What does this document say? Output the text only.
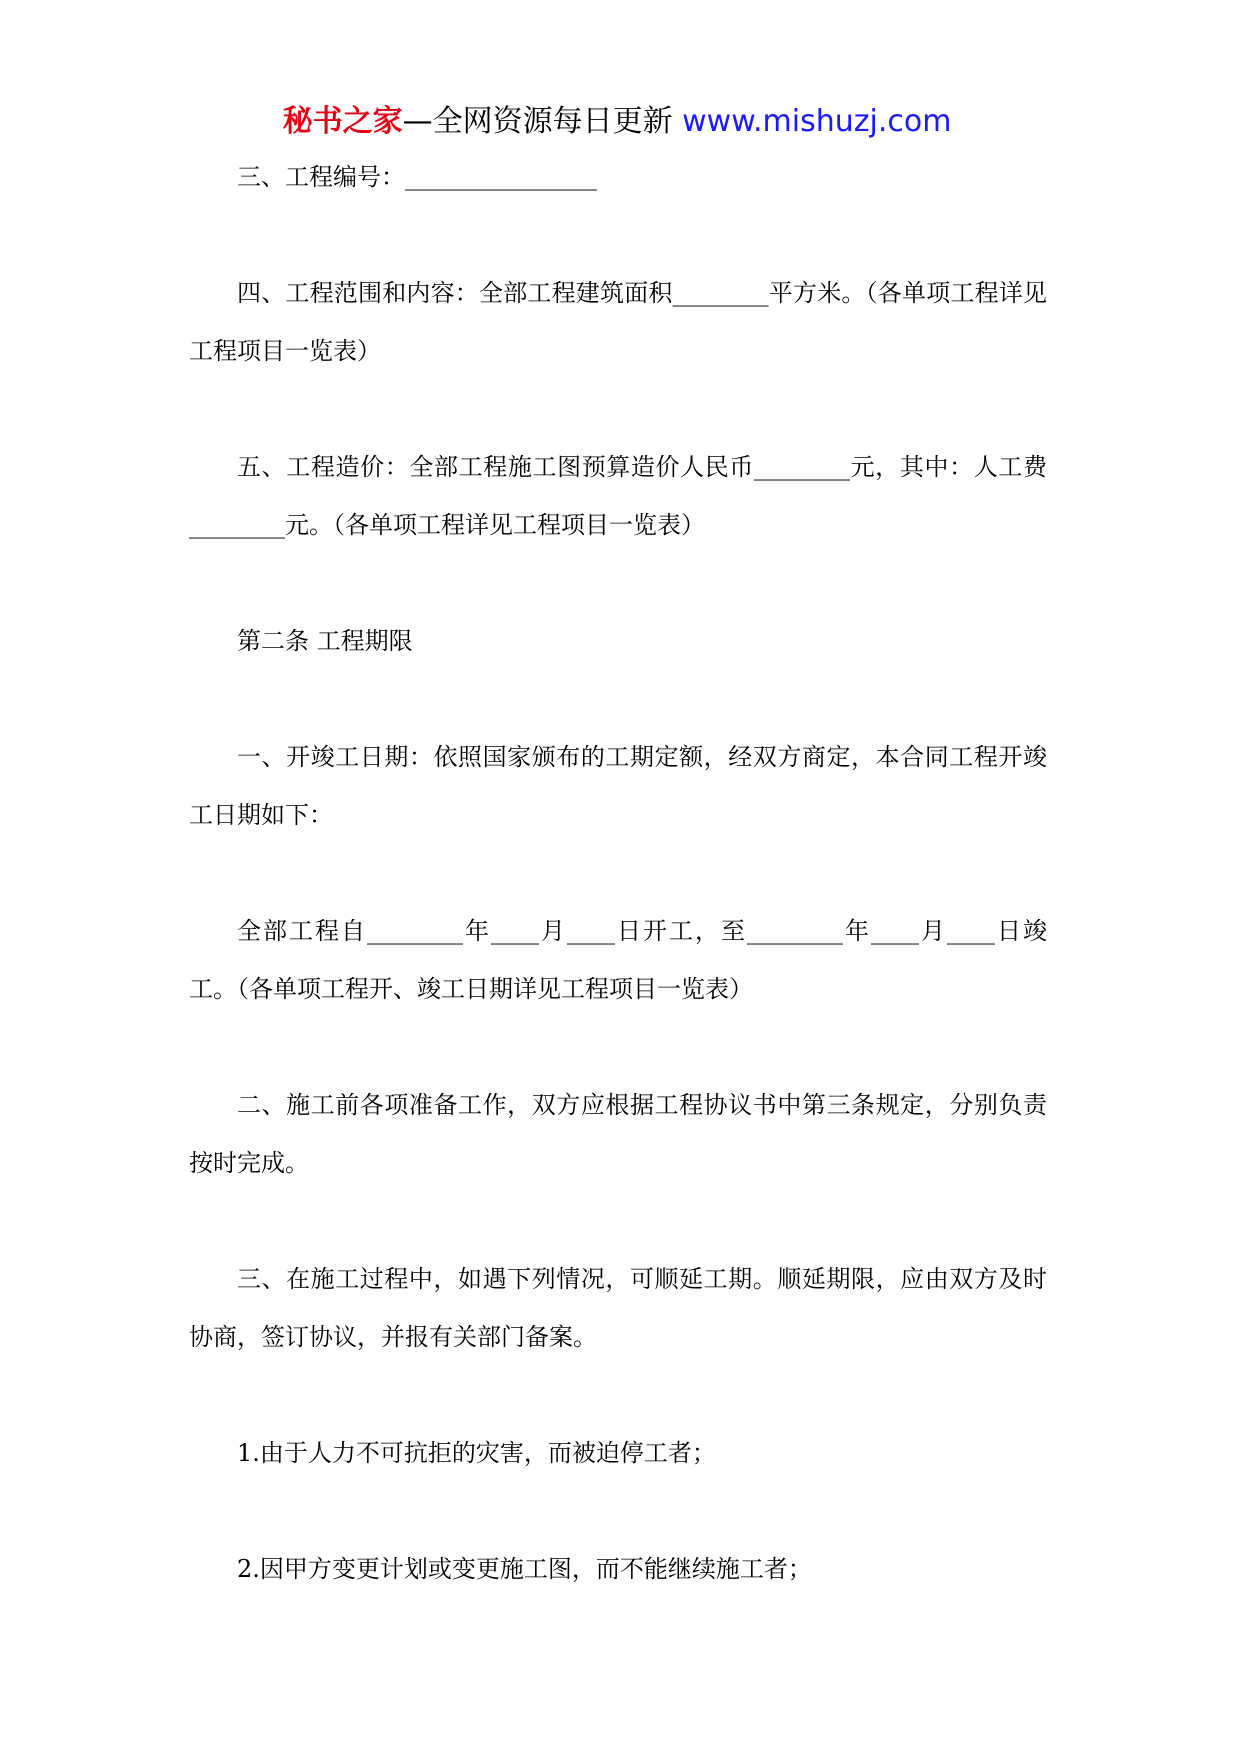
秘书之家—全网资源每日更新 www.mishuzj.com

三、工程编号：________________

四、工程范围和内容：全部工程建筑面积________平方米。（各单项工程详见工程项目一览表）

五、工程造价：全部工程施工图预算造价人民币________元，其中：人工费________元。（各单项工程详见工程项目一览表）

第二条 工程期限

一、开竣工日期：依照国家颁布的工期定额，经双方商定，本合同工程开竣工日期如下：

全部工程自________年____月____日开工，至________年____月____日竣工。（各单项工程开、竣工日期详见工程项目一览表）

二、施工前各项准备工作，双方应根据工程协议书中第三条规定，分别负责按时完成。

三、在施工过程中，如遇下列情况，可顺延工期。顺延期限，应由双方及时协商，签订协议，并报有关部门备案。

1.由于人力不可抗拒的灾害，而被迫停工者；

2.因甲方变更计划或变更施工图，而不能继续施工者；
